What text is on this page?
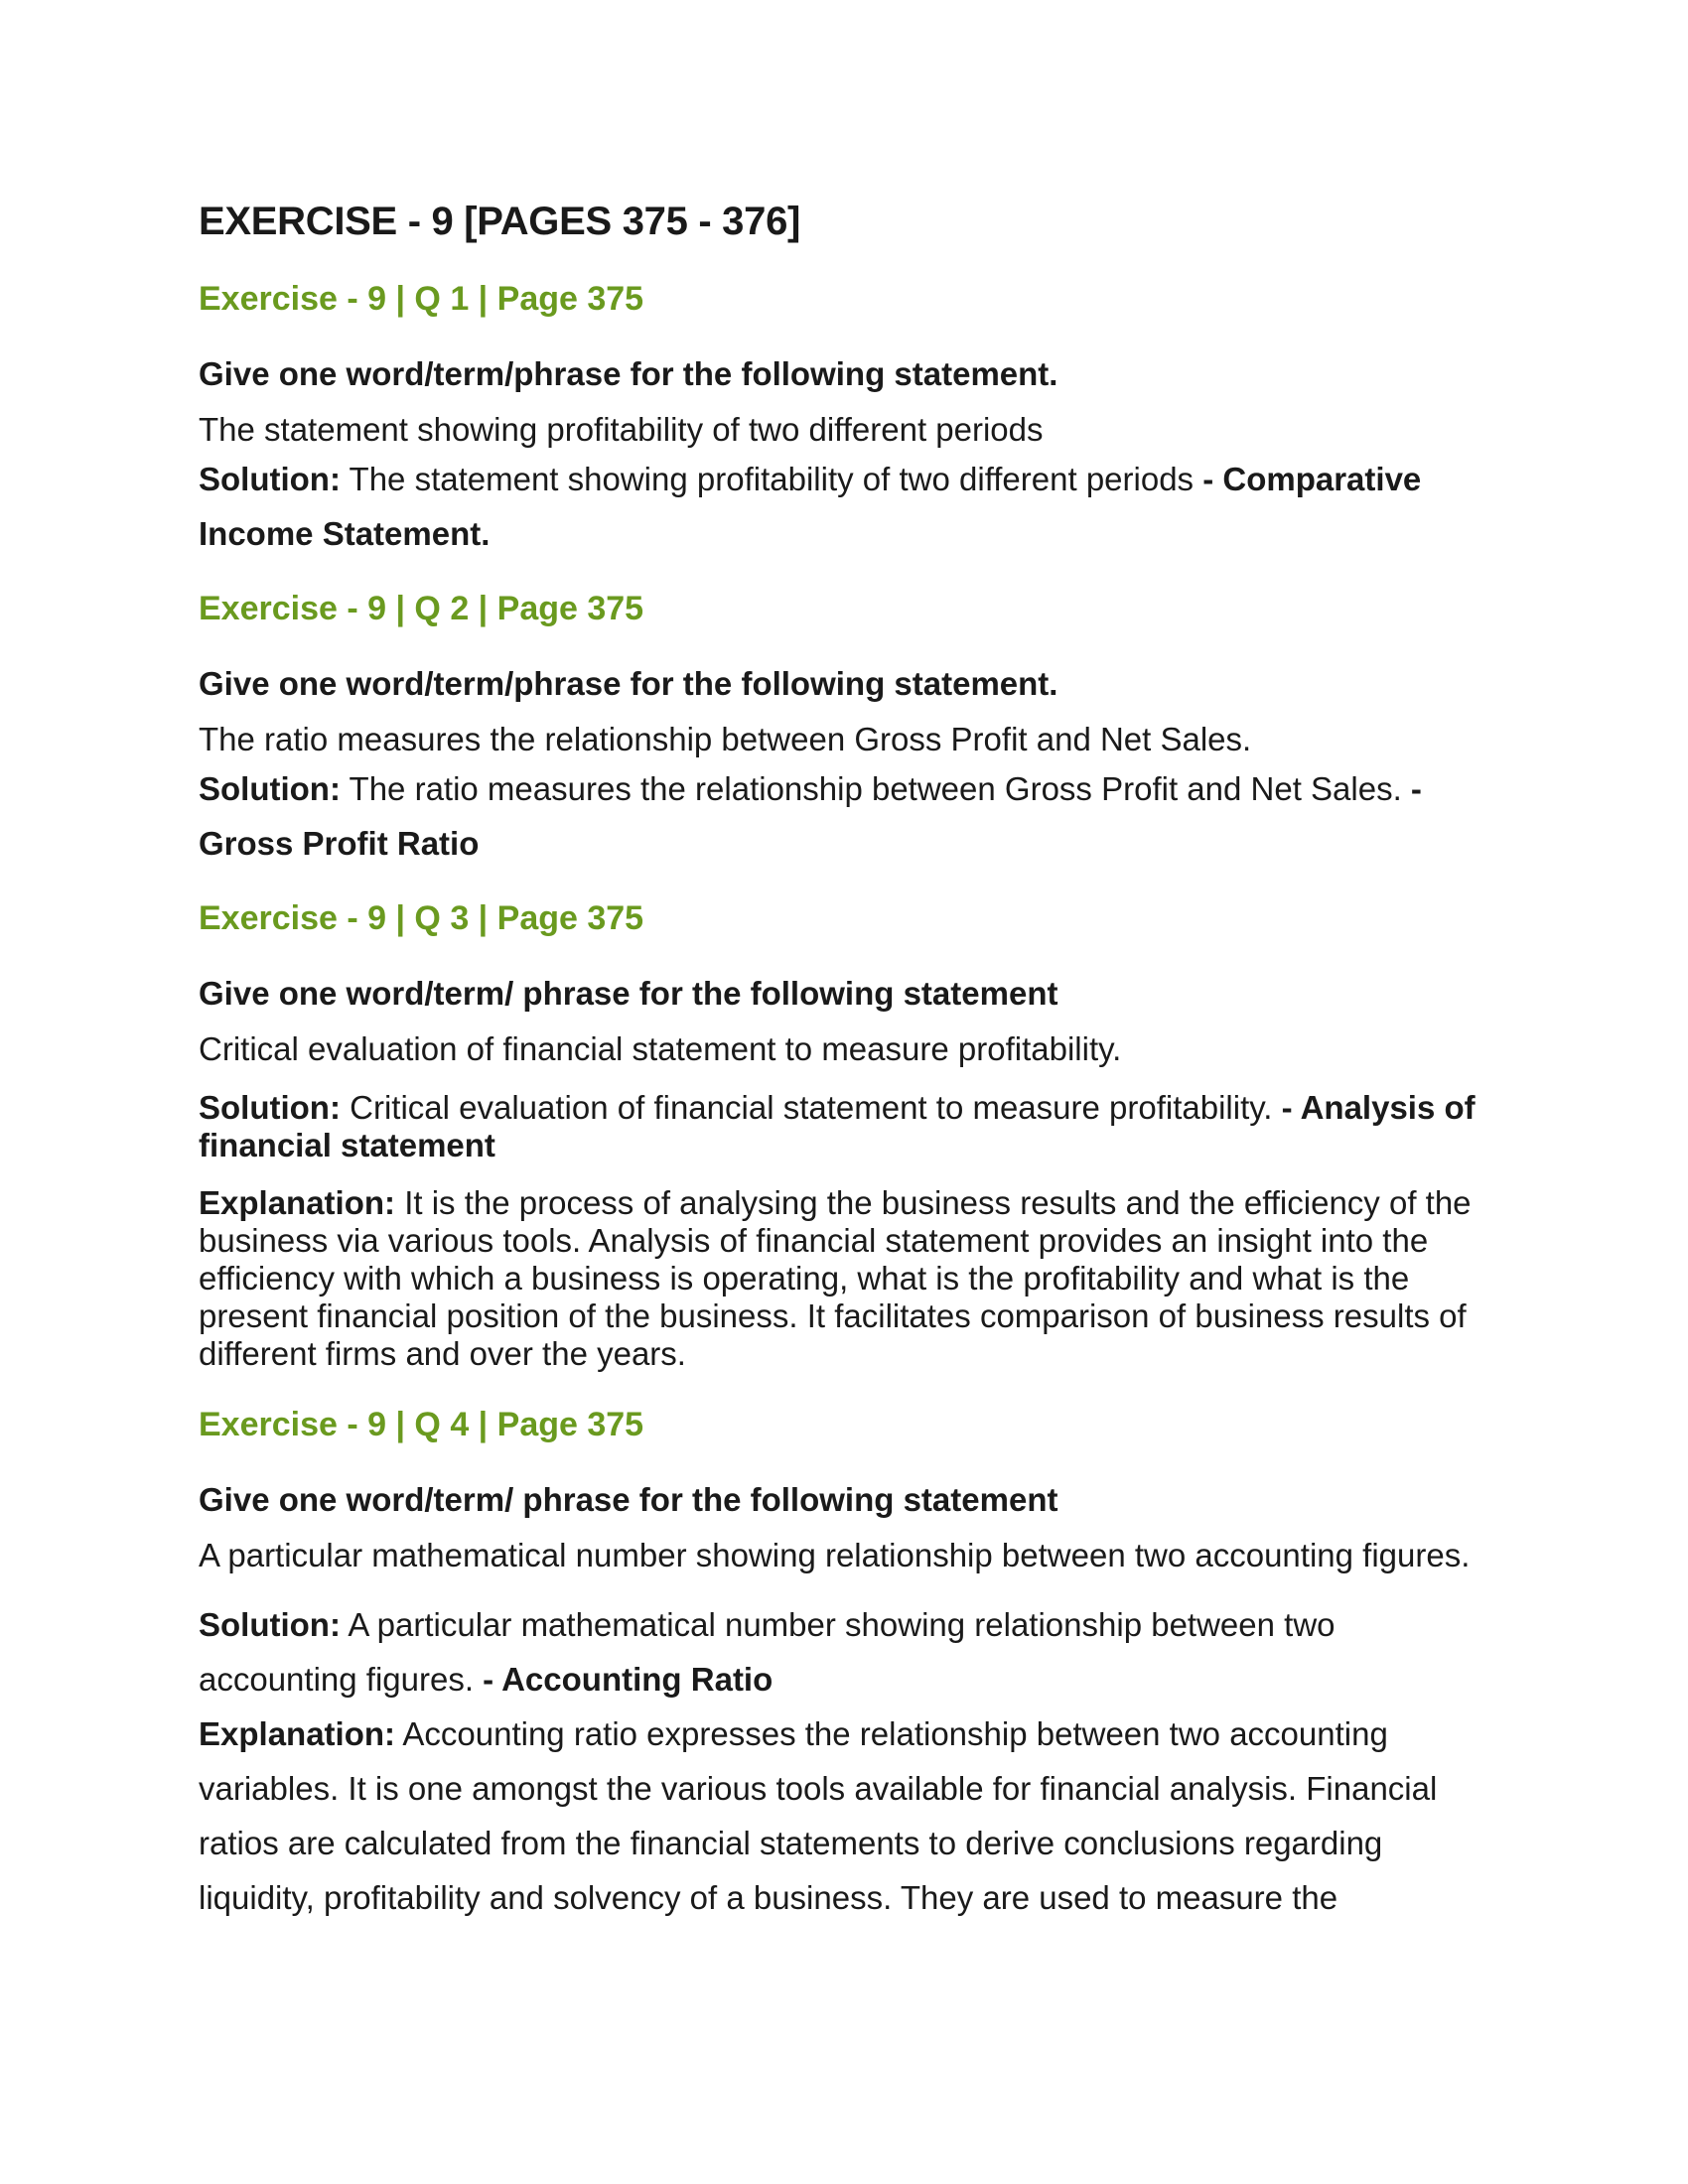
EXERCISE - 9 [PAGES 375 - 376]

Exercise - 9 | Q 1 | Page 375

Give one word/term/phrase for the following statement.

The statement showing profitability of two different periods

Solution: The statement showing profitability of two different periods - Comparative Income Statement.

Exercise - 9 | Q 2 | Page 375

Give one word/term/phrase for the following statement.

The ratio measures the relationship between Gross Profit and Net Sales.

Solution: The ratio measures the relationship between Gross Profit and Net Sales. - Gross Profit Ratio

Exercise - 9 | Q 3 | Page 375

Give one word/term/ phrase for the following statement

Critical evaluation of financial statement to measure profitability.

Solution: Critical evaluation of financial statement to measure profitability. - Analysis of financial statement

Explanation: It is the process of analysing the business results and the efficiency of the business via various tools. Analysis of financial statement provides an insight into the efficiency with which a business is operating, what is the profitability and what is the present financial position of the business. It facilitates comparison of business results of different firms and over the years.

Exercise - 9 | Q 4 | Page 375

Give one word/term/ phrase for the following statement

A particular mathematical number showing relationship between two accounting figures.

Solution: A particular mathematical number showing relationship between two accounting figures. - Accounting Ratio

Explanation: Accounting ratio expresses the relationship between two accounting variables. It is one amongst the various tools available for financial analysis. Financial ratios are calculated from the financial statements to derive conclusions regarding liquidity, profitability and solvency of a business. They are used to measure the
